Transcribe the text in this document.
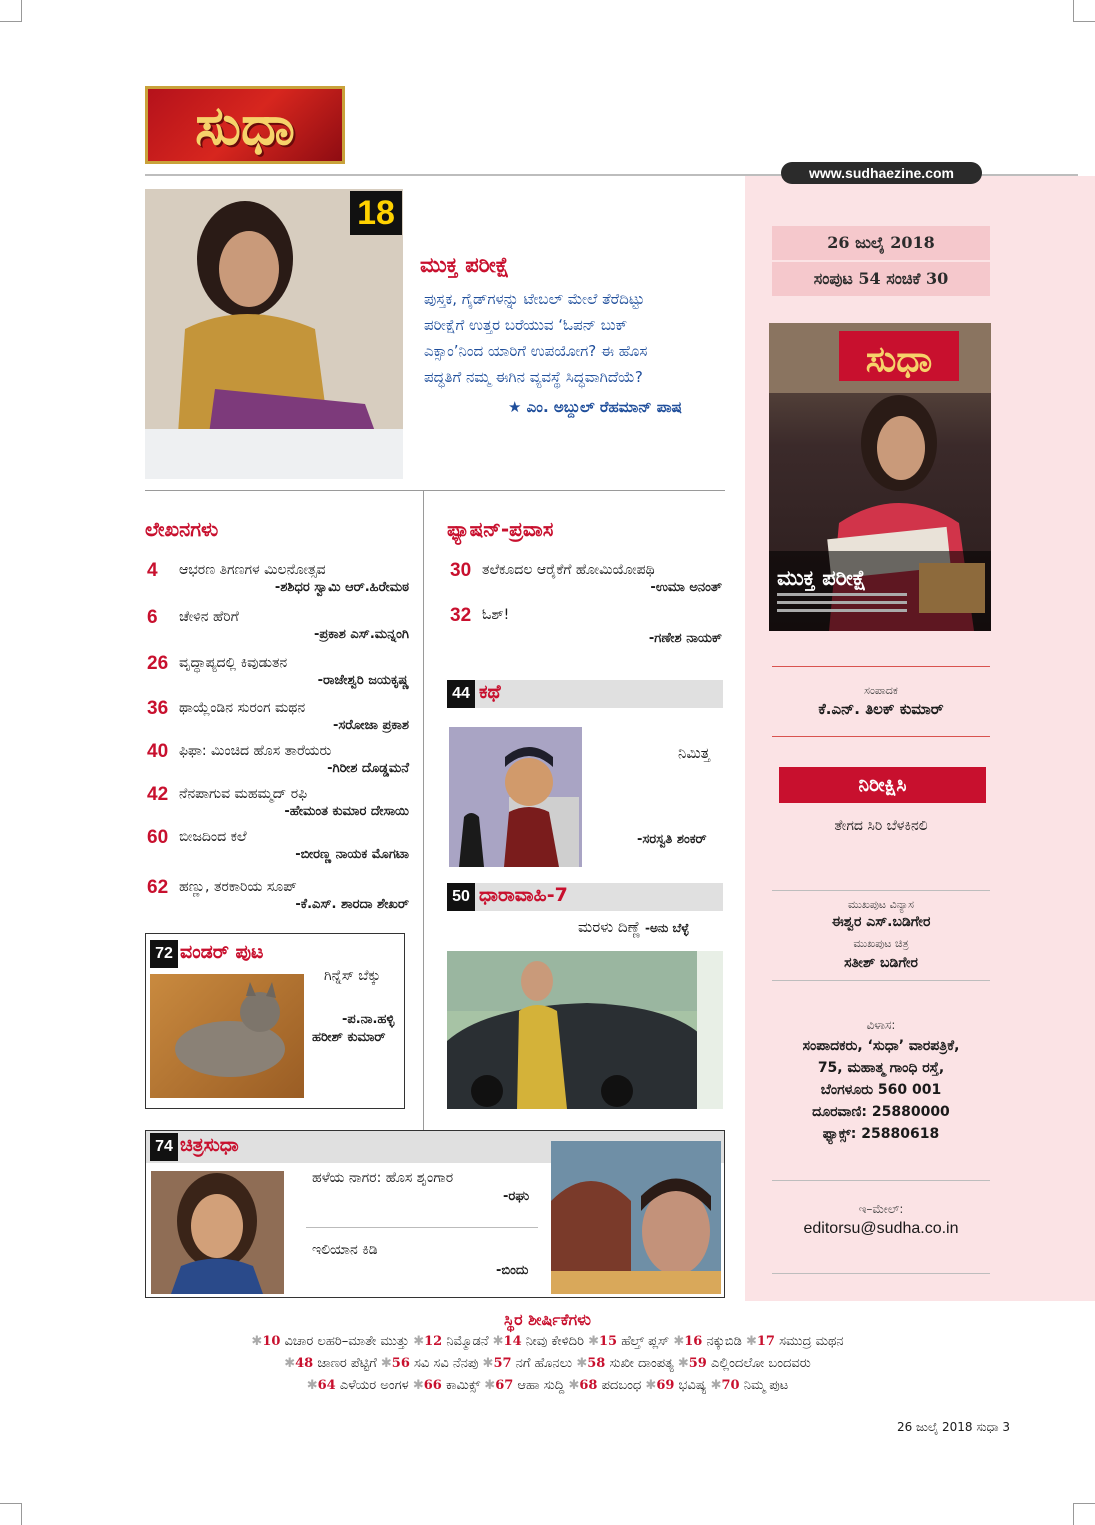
ಸುಧಾ
www.sudhaezine.com
26 ಜುಲೈ 2018
ಸಂಪುಟ 54 ಸಂಚಿಕೆ 30
ಸುಧಾ
ಮುಕ್ತ ಪರೀಕ್ಷೆ
ಸಂಪಾದಕ
ಕೆ.ಎನ್. ತಿಲಕ್ ಕುಮಾರ್
ನಿರೀಕ್ಷಿಸಿ
ತೇಗದ ಸಿರಿ ಬೆಳಕಿನಲಿ
ಮುಖಪುಟ ವಿನ್ಯಾಸ
ಈಶ್ವರ ಎಸ್.ಬಡಿಗೇರ
ಮುಖಪುಟ ಚಿತ್ರ
ಸತೀಶ್ ಬಡಿಗೇರ
ವಿಳಾಸ:
ಸಂಪಾದಕರು, ‘ಸುಧಾ’ ವಾರಪತ್ರಿಕೆ,
75, ಮಹಾತ್ಮ ಗಾಂಧಿ ರಸ್ತೆ,
ಬೆಂಗಳೂರು 560 001
ದೂರವಾಣಿ: 25880000
ಫ್ಯಾಕ್ಸ್: 25880618
ಇ–ಮೇಲ್:
editorsu@sudha.co.in
18
ಮುಕ್ತ ಪರೀಕ್ಷೆ
ಪುಸ್ತಕ, ಗೈಡ್‌ಗಳನ್ನು ಟೇಬಲ್ ಮೇಲೆ ತೆರೆದಿಟ್ಟು
ಪರೀಕ್ಷೆಗೆ ಉತ್ತರ ಬರೆಯುವ ‘ಓಪನ್ ಬುಕ್
ಎಕ್ಸಾಂ’ನಿಂದ ಯಾರಿಗೆ ಉಪಯೋಗ? ಈ ಹೊಸ
ಪದ್ಧತಿಗೆ ನಮ್ಮ ಈಗಿನ ವ್ಯವಸ್ಥೆ ಸಿದ್ಧವಾಗಿದೆಯೆ?
★ ಎಂ. ಅಬ್ದುಲ್ ರೆಹಮಾನ್ ಪಾಷ
ಲೇಖನಗಳು
4 ಆಭರಣ ತಿಗಣಗಳ ಮಿಲನೋತ್ಸವ
-ಶಶಿಧರ ಸ್ವಾಮಿ ಆರ್.ಹಿರೇಮಠ
6 ಚೇಳಿನ ಹೆರಿಗೆ
-ಪ್ರಕಾಶ ಎಸ್.ಮನ್ನಂಗಿ
26 ವೃದ್ಧಾಪ್ಯದಲ್ಲಿ ಕಿವುಡುತನ
-ರಾಜೇಶ್ವರಿ ಜಯಕೃಷ್ಣ
36 ಥಾಯ್ಲೆಂಡಿನ ಸುರಂಗ ಮಥನ
-ಸರೋಜಾ ಪ್ರಕಾಶ
40 ಫಿಫಾ: ಮಿಂಚಿದ ಹೊಸ ತಾರೆಯರು
-ಗಿರೀಶ ದೊಡ್ಡಮನೆ
42 ನೆನಪಾಗುವ ಮಹಮ್ಮದ್ ರಫಿ
-ಹೇಮಂತ ಕುಮಾರ ದೇಸಾಯಿ
60 ಬೀಜದಿಂದ ಕಲೆ
-ಬೀರಣ್ಣ ನಾಯಕ ಮೊಗಟಾ
62 ಹಣ್ಣು, ತರಕಾರಿಯ ಸೂಪ್
-ಕೆ.ಎಸ್. ಶಾರದಾ ಶೇಖರ್
72 ವಂಡರ್ ಪುಟ
ಗಿನ್ನೆಸ್ ಬೆಕ್ಕು
-ಪ.ನಾ.ಹಳ್ಳಿ
ಹರೀಶ್ ಕುಮಾರ್
ಫ್ಯಾಷನ್-ಪ್ರವಾಸ
30 ತಲೆಕೂದಲ ಆರೈಕೆಗೆ ಹೋಮಿಯೋಪಥಿ
-ಉಮಾ ಅನಂತ್
32 ಓಶ್!
-ಗಣೇಶ ನಾಯಕ್
44 ಕಥೆ
ನಿಮಿತ್ತ
-ಸರಸ್ವತಿ ಶಂಕರ್
50 ಧಾರಾವಾಹಿ-7
ಮರಳು ದಿಣ್ಣೆ -ಅನು ಬೆಳ್ಳೆ
74 ಚಿತ್ರಸುಧಾ
ಹಳೆಯ ನಾಗರ: ಹೊಸ ಶೃಂಗಾರ
-ರಘು
ಇಲಿಯಾನ ಕಿಡಿ
-ಬಿಂದು
ಸ್ಥಿರ ಶೀರ್ಷಿಕೆಗಳು
✱10 ವಿಚಾರ ಲಹರಿ–ಮಾತೇ ಮುತ್ತು ✱12 ನಿಮ್ಮೊಡನೆ ✱14 ನೀವು ಕೇಳಿದಿರಿ ✱15 ಹೆಲ್ತ್ ಪ್ಲಸ್ ✱16 ನಕ್ಕುಬಿಡಿ ✱17 ಸಮುದ್ರ ಮಥನ
✱48 ಜಾಣರ ಪೆಟ್ಟಿಗೆ ✱56 ಸವಿ ಸವಿ ನೆನಪು ✱57 ನಗೆ ಹೊನಲು ✱58 ಸುಖೀ ದಾಂಪತ್ಯ ✱59 ಎಲ್ಲಿಂದಲೋ ಬಂದವರು
✱64 ಎಳೆಯರ ಅಂಗಳ ✱66 ಕಾಮಿಕ್ಸ್ ✱67 ಆಹಾ ಸುದ್ದಿ ✱68 ಪದಬಂಧ ✱69 ಭವಿಷ್ಯ ✱70 ನಿಮ್ಮ ಪುಟ
26 ಜುಲೈ 2018 ಸುಧಾ 3
